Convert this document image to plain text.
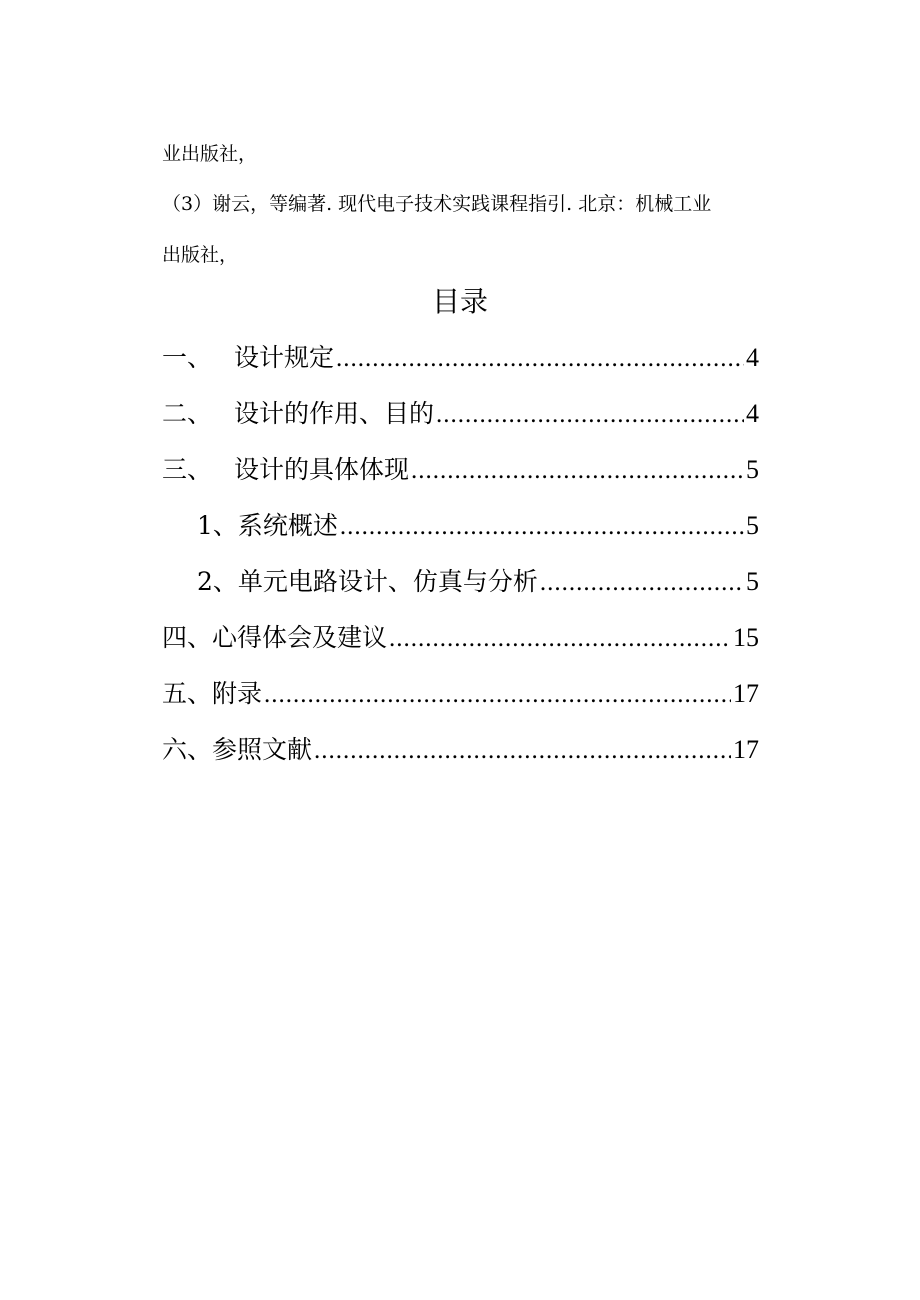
业出版社，
（3）谢云，等编著. 现代电子技术实践课程指引. 北京：机械工业
出版社，
目录
一、 设计规定 .....	4
二、 设计的作用、目的 .....	4
三、 设计的具体体现 .....	5
1、 系统概述 .....	5
2、 单元电路设计、仿真与分析 .....	5
四、 心得体会及建议 .....	15
五、 附录 .....	17
六、 参照文献 .....	17
